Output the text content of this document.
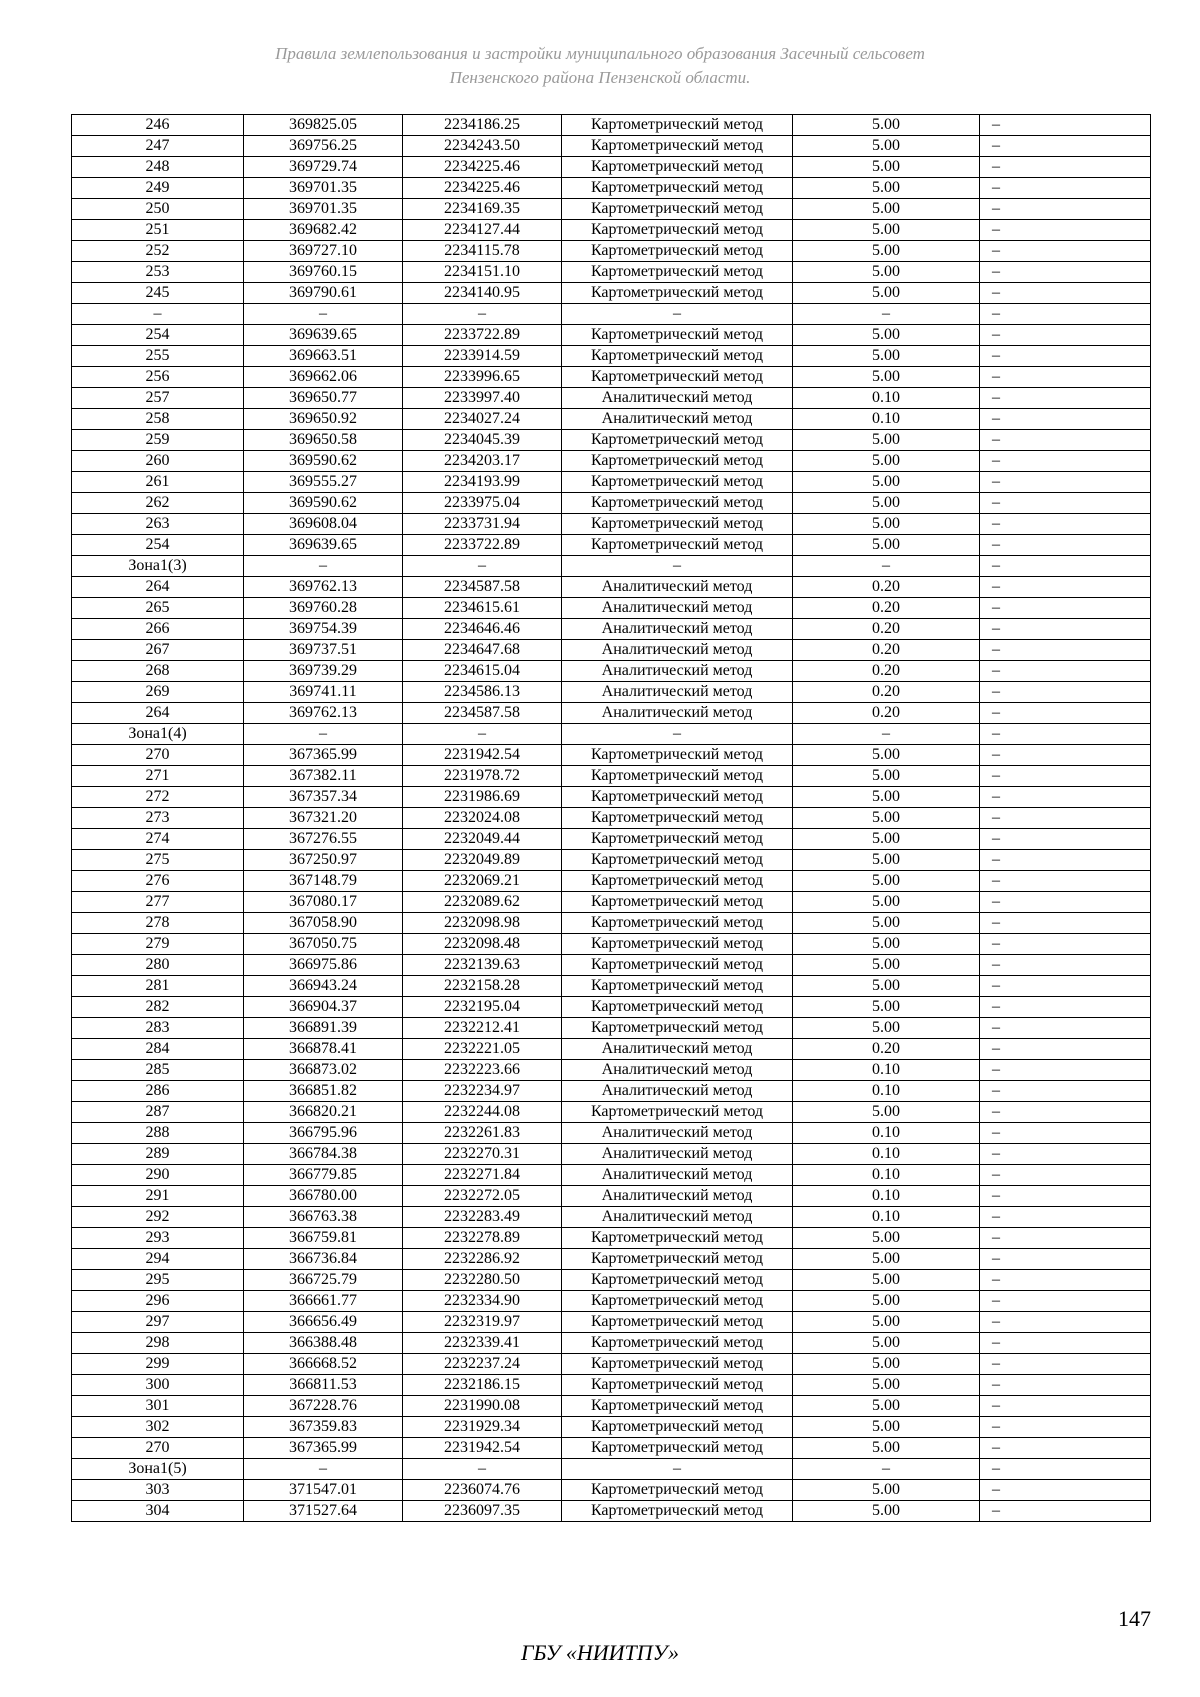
Правила землепользования и застройки муниципального образования Засечный сельсовет
Пензенского района Пензенской области.
246	369825.05	2234186.25	Картометрический метод	5.00	–
247	369756.25	2234243.50	Картометрический метод	5.00	–
248	369729.74	2234225.46	Картометрический метод	5.00	–
249	369701.35	2234225.46	Картометрический метод	5.00	–
250	369701.35	2234169.35	Картометрический метод	5.00	–
251	369682.42	2234127.44	Картометрический метод	5.00	–
252	369727.10	2234115.78	Картометрический метод	5.00	–
253	369760.15	2234151.10	Картометрический метод	5.00	–
245	369790.61	2234140.95	Картометрический метод	5.00	–
–	–	–	–	–	–
254	369639.65	2233722.89	Картометрический метод	5.00	–
255	369663.51	2233914.59	Картометрический метод	5.00	–
256	369662.06	2233996.65	Картометрический метод	5.00	–
257	369650.77	2233997.40	Аналитический метод	0.10	–
258	369650.92	2234027.24	Аналитический метод	0.10	–
259	369650.58	2234045.39	Картометрический метод	5.00	–
260	369590.62	2234203.17	Картометрический метод	5.00	–
261	369555.27	2234193.99	Картометрический метод	5.00	–
262	369590.62	2233975.04	Картометрический метод	5.00	–
263	369608.04	2233731.94	Картометрический метод	5.00	–
254	369639.65	2233722.89	Картометрический метод	5.00	–
Зона1(3)	–	–	–	–	–
264	369762.13	2234587.58	Аналитический метод	0.20	–
265	369760.28	2234615.61	Аналитический метод	0.20	–
266	369754.39	2234646.46	Аналитический метод	0.20	–
267	369737.51	2234647.68	Аналитический метод	0.20	–
268	369739.29	2234615.04	Аналитический метод	0.20	–
269	369741.11	2234586.13	Аналитический метод	0.20	–
264	369762.13	2234587.58	Аналитический метод	0.20	–
Зона1(4)	–	–	–	–	–
270	367365.99	2231942.54	Картометрический метод	5.00	–
271	367382.11	2231978.72	Картометрический метод	5.00	–
272	367357.34	2231986.69	Картометрический метод	5.00	–
273	367321.20	2232024.08	Картометрический метод	5.00	–
274	367276.55	2232049.44	Картометрический метод	5.00	–
275	367250.97	2232049.89	Картометрический метод	5.00	–
276	367148.79	2232069.21	Картометрический метод	5.00	–
277	367080.17	2232089.62	Картометрический метод	5.00	–
278	367058.90	2232098.98	Картометрический метод	5.00	–
279	367050.75	2232098.48	Картометрический метод	5.00	–
280	366975.86	2232139.63	Картометрический метод	5.00	–
281	366943.24	2232158.28	Картометрический метод	5.00	–
282	366904.37	2232195.04	Картометрический метод	5.00	–
283	366891.39	2232212.41	Картометрический метод	5.00	–
284	366878.41	2232221.05	Аналитический метод	0.20	–
285	366873.02	2232223.66	Аналитический метод	0.10	–
286	366851.82	2232234.97	Аналитический метод	0.10	–
287	366820.21	2232244.08	Картометрический метод	5.00	–
288	366795.96	2232261.83	Аналитический метод	0.10	–
289	366784.38	2232270.31	Аналитический метод	0.10	–
290	366779.85	2232271.84	Аналитический метод	0.10	–
291	366780.00	2232272.05	Аналитический метод	0.10	–
292	366763.38	2232283.49	Аналитический метод	0.10	–
293	366759.81	2232278.89	Картометрический метод	5.00	–
294	366736.84	2232286.92	Картометрический метод	5.00	–
295	366725.79	2232280.50	Картометрический метод	5.00	–
296	366661.77	2232334.90	Картометрический метод	5.00	–
297	366656.49	2232319.97	Картометрический метод	5.00	–
298	366388.48	2232339.41	Картометрический метод	5.00	–
299	366668.52	2232237.24	Картометрический метод	5.00	–
300	366811.53	2232186.15	Картометрический метод	5.00	–
301	367228.76	2231990.08	Картометрический метод	5.00	–
302	367359.83	2231929.34	Картометрический метод	5.00	–
270	367365.99	2231942.54	Картометрический метод	5.00	–
Зона1(5)	–	–	–	–	–
303	371547.01	2236074.76	Картометрический метод	5.00	–
304	371527.64	2236097.35	Картометрический метод	5.00	–
147
ГБУ «НИИТПУ»
